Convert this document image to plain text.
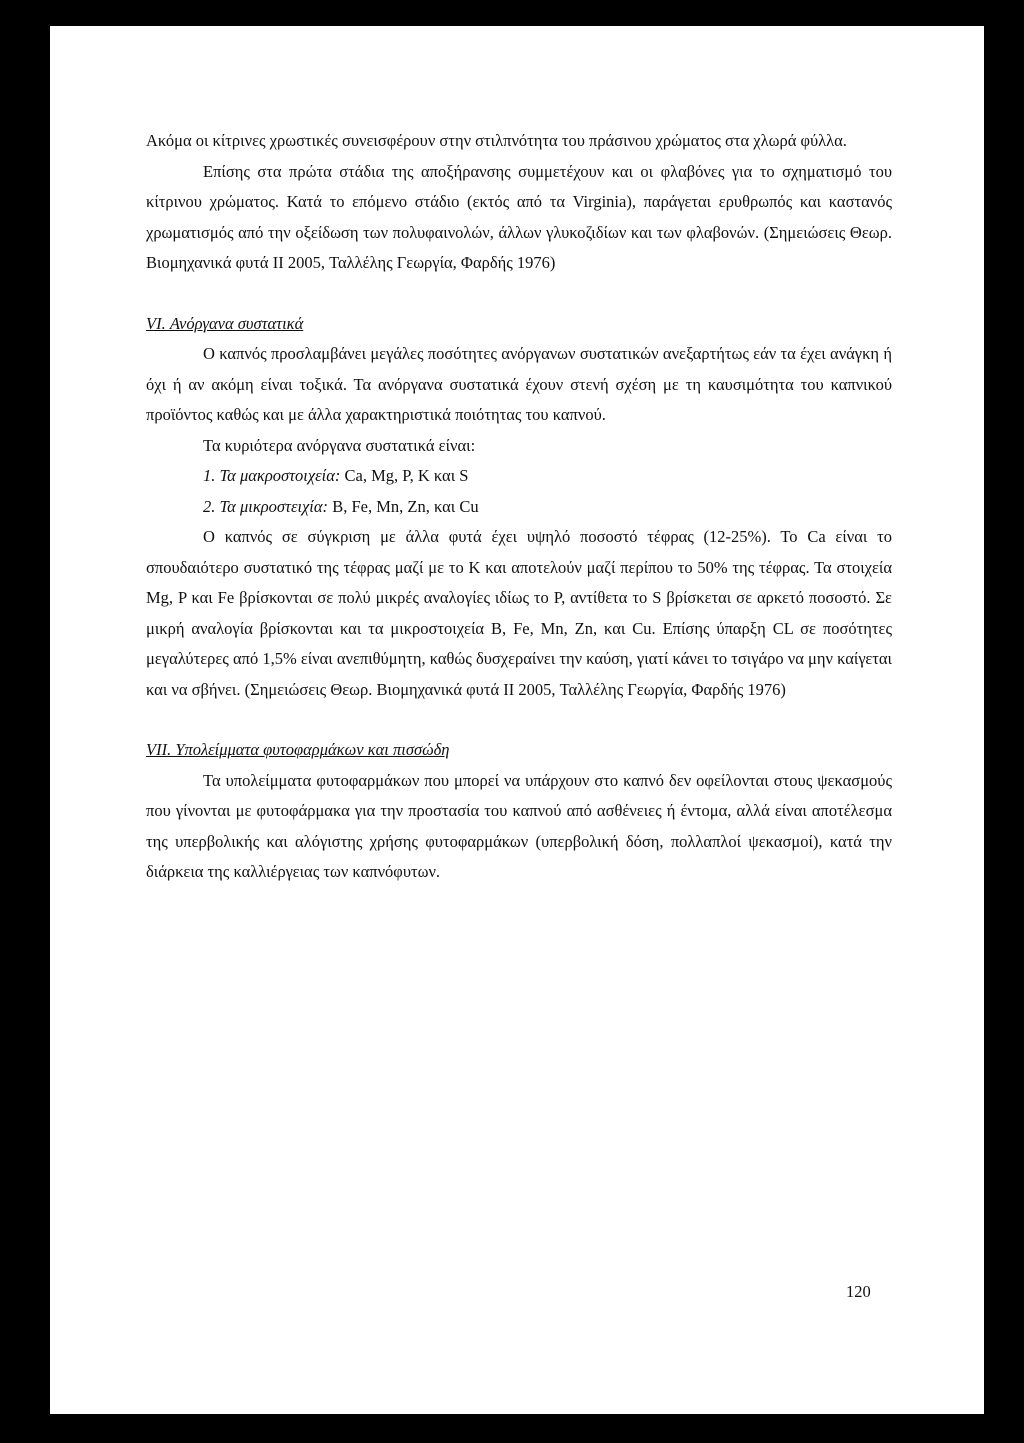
Ακόμα οι κίτρινες χρωστικές συνεισφέρουν στην στιλπνότητα του πράσινου χρώματος στα χλωρά φύλλα.

Επίσης στα πρώτα στάδια της αποξήρανσης συμμετέχουν και οι φλαβόνες για το σχηματισμό του κίτρινου χρώματος. Κατά το επόμενο στάδιο (εκτός από τα Virginia), παράγεται ερυθρωπός και καστανός χρωματισμός από την οξείδωση των πολυφαινολών, άλλων γλυκοζιδίων και των φλαβονών. (Σημειώσεις Θεωρ. Βιομηχανικά φυτά II 2005, Ταλλέλης Γεωργία, Φαρδής 1976)

VI. Ανόργανα συστατικά

Ο καπνός προσλαμβάνει μεγάλες ποσότητες ανόργανων συστατικών ανεξαρτήτως εάν τα έχει ανάγκη ή όχι ή αν ακόμη είναι τοξικά. Τα ανόργανα συστατικά έχουν στενή σχέση με τη καυσιμότητα του καπνικού προϊόντος καθώς και με άλλα χαρακτηριστικά ποιότητας του καπνού.

Τα κυριότερα ανόργανα συστατικά είναι:

1. Τα μακροστοιχεία: Ca, Mg, P, K και S

2. Τα μικροστειχία: B, Fe, Mn, Zn, και Cu

Ο καπνός σε σύγκριση με άλλα φυτά έχει υψηλό ποσοστό τέφρας (12-25%). Το Ca είναι το σπουδαιότερο συστατικό της τέφρας μαζί με το K και αποτελούν μαζί περίπου το 50% της τέφρας. Τα στοιχεία Mg, P και Fe βρίσκονται σε πολύ μικρές αναλογίες ιδίως το P, αντίθετα το S βρίσκεται σε αρκετό ποσοστό. Σε μικρή αναλογία βρίσκονται και τα μικροστοιχεία B, Fe, Mn, Zn, και Cu. Επίσης ύπαρξη CL σε ποσότητες μεγαλύτερες από 1,5% είναι ανεπιθύμητη, καθώς δυσχεραίνει την καύση, γιατί κάνει το τσιγάρο να μην καίγεται και να σβήνει. (Σημειώσεις Θεωρ. Βιομηχανικά φυτά II 2005, Ταλλέλης Γεωργία, Φαρδής 1976)

VII. Υπολείμματα φυτοφαρμάκων και πισσώδη

Τα υπολείμματα φυτοφαρμάκων που μπορεί να υπάρχουν στο καπνό δεν οφείλονται στους ψεκασμούς που γίνονται με φυτοφάρμακα για την προστασία του καπνού από ασθένειες ή έντομα, αλλά είναι αποτέλεσμα της υπερβολικής και αλόγιστης χρήσης φυτοφαρμάκων (υπερβολική δόση, πολλαπλοί ψεκασμοί), κατά την διάρκεια της καλλιέργειας των καπνόφυτων.

120
